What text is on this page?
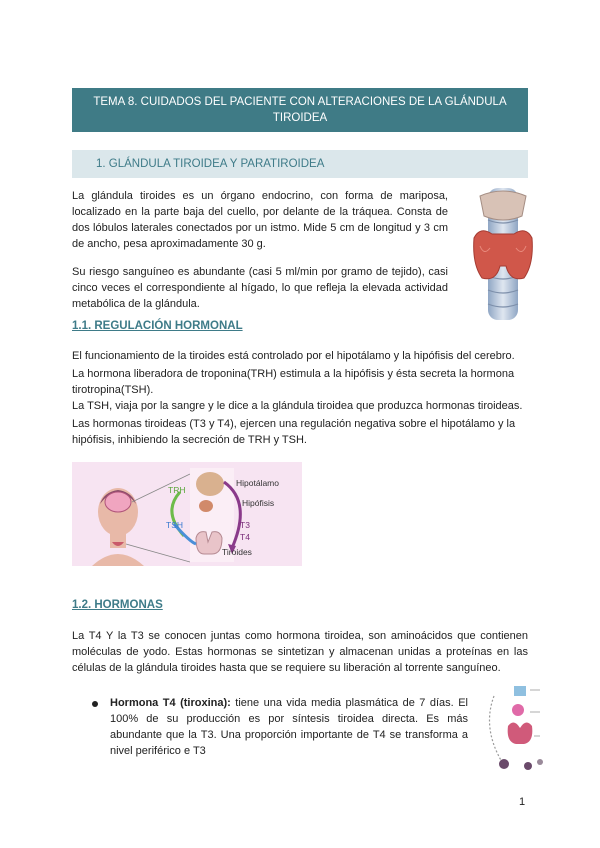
TEMA 8. CUIDADOS DEL PACIENTE CON ALTERACIONES DE LA GLÁNDULA TIROIDEA
1. GLÁNDULA TIROIDEA Y PARATIROIDEA

La glándula tiroides es un órgano endocrino, con forma de mariposa, localizado en la parte baja del cuello, por delante de la tráquea. Consta de dos lóbulos laterales conectados por un istmo. Mide 5 cm de longitud y 3 cm de ancho, pesa aproximadamente 30 g.

Su riesgo sanguíneo es abundante (casi 5 ml/min por gramo de tejido), casi cinco veces el correspondiente al hígado, lo que refleja la elevada actividad metabólica de la glándula.

1.1. REGULACIÓN HORMONAL

El funcionamiento de la tiroides está controlado por el hipotálamo y la hipófisis del cerebro.

La hormona liberadora de troponina(TRH) estimula a la hipófisis y ésta secreta la hormona tirotropina(TSH).

La TSH, viaja por la sangre y le dice a la glándula tiroidea que produzca hormonas tiroideas.

Las hormonas tiroideas (T3 y T4), ejercen una regulación negativa sobre el hipotálamo y la hipófisis, inhibiendo la secreción de TRH y TSH.

TRH
TSH
Hipotálamo
Hipófisis
T3
T4
Tiroides
1.2. HORMONAS

La T4 Y la T3 se conocen juntas como hormona tiroidea, son aminoácidos que contienen moléculas de yodo. Estas hormonas se sintetizan y almacenan unidas a proteínas en las células de la glándula tiroides hasta que se requiere su liberación al torrente sanguíneo.

Hormona T4 (tiroxina): tiene una vida media plasmática de 7 días. El 100% de su producción es por síntesis tiroidea directa. Es más abundante que la T3. Una proporción importante de T4 se transforma a nivel periférico e T3

1
